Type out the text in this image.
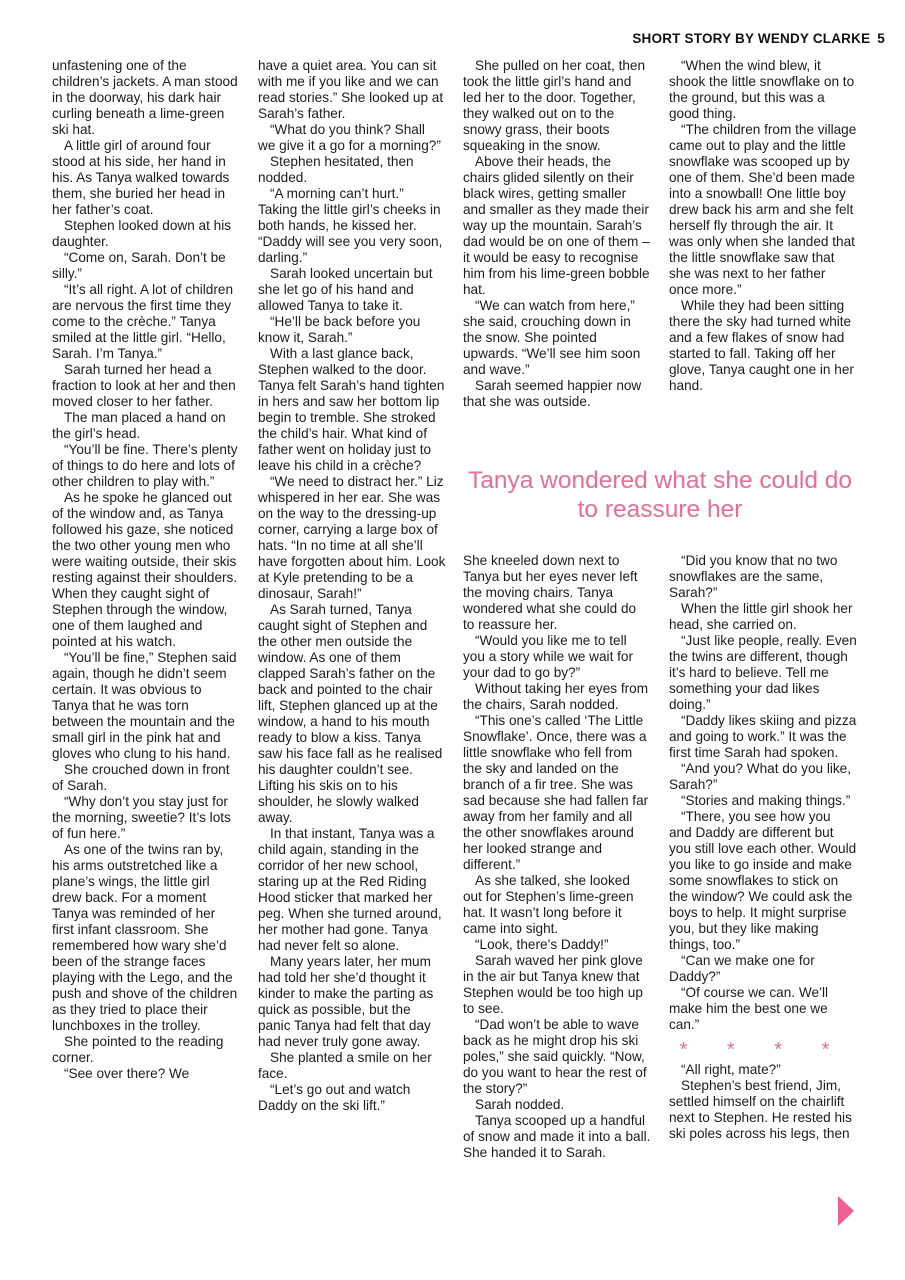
SHORT STORY BY WENDY CLARKE 5

unfastening one of the children’s jackets. A man stood in the doorway, his dark hair curling beneath a lime-green ski hat.

A little girl of around four stood at his side, her hand in his. As Tanya walked towards them, she buried her head in her father’s coat.

Stephen looked down at his daughter.

“Come on, Sarah. Don’t be silly.”

“It’s all right. A lot of children are nervous the first time they come to the crèche.” Tanya smiled at the little girl. “Hello, Sarah. I’m Tanya.”

Sarah turned her head a fraction to look at her and then moved closer to her father.

The man placed a hand on the girl’s head.

“You’ll be fine. There’s plenty of things to do here and lots of other children to play with.”

As he spoke he glanced out of the window and, as Tanya followed his gaze, she noticed the two other young men who were waiting outside, their skis resting against their shoulders. When they caught sight of Stephen through the window, one of them laughed and pointed at his watch.

“You’ll be fine,” Stephen said again, though he didn’t seem certain. It was obvious to Tanya that he was torn between the mountain and the small girl in the pink hat and gloves who clung to his hand.

She crouched down in front of Sarah.

“Why don’t you stay just for the morning, sweetie? It’s lots of fun here.”

As one of the twins ran by, his arms outstretched like a plane’s wings, the little girl drew back. For a moment Tanya was reminded of her first infant classroom. She remembered how wary she’d been of the strange faces playing with the Lego, and the push and shove of the children as they tried to place their lunchboxes in the trolley.

She pointed to the reading corner.

“See over there? We

have a quiet area. You can sit with me if you like and we can read stories.” She looked up at Sarah’s father.

“What do you think? Shall we give it a go for a morning?”

Stephen hesitated, then nodded.

“A morning can’t hurt.” Taking the little girl’s cheeks in both hands, he kissed her. “Daddy will see you very soon, darling.”

Sarah looked uncertain but she let go of his hand and allowed Tanya to take it.

“He’ll be back before you know it, Sarah.”

With a last glance back, Stephen walked to the door. Tanya felt Sarah’s hand tighten in hers and saw her bottom lip begin to tremble. She stroked the child’s hair. What kind of father went on holiday just to leave his child in a crèche?

“We need to distract her.” Liz whispered in her ear. She was on the way to the dressing-up corner, carrying a large box of hats. “In no time at all she’ll have forgotten about him. Look at Kyle pretending to be a dinosaur, Sarah!”

As Sarah turned, Tanya caught sight of Stephen and the other men outside the window. As one of them clapped Sarah’s father on the back and pointed to the chair lift, Stephen glanced up at the window, a hand to his mouth ready to blow a kiss. Tanya saw his face fall as he realised his daughter couldn’t see. Lifting his skis on to his shoulder, he slowly walked away.

In that instant, Tanya was a child again, standing in the corridor of her new school, staring up at the Red Riding Hood sticker that marked her peg. When she turned around, her mother had gone. Tanya had never felt so alone.

Many years later, her mum had told her she’d thought it kinder to make the parting as quick as possible, but the panic Tanya had felt that day had never truly gone away.

She planted a smile on her face.

“Let’s go out and watch Daddy on the ski lift.”

She pulled on her coat, then took the little girl’s hand and led her to the door. Together, they walked out on to the snowy grass, their boots squeaking in the snow.

Above their heads, the chairs glided silently on their black wires, getting smaller and smaller as they made their way up the mountain. Sarah’s dad would be on one of them – it would be easy to recognise him from his lime-green bobble hat.

“We can watch from here,” she said, crouching down in the snow. She pointed upwards. “We’ll see him soon and wave.”

Sarah seemed happier now that she was outside.

“When the wind blew, it shook the little snowflake on to the ground, but this was a good thing.

“The children from the village came out to play and the little snowflake was scooped up by one of them. She’d been made into a snowball! One little boy drew back his arm and she felt herself fly through the air. It was only when she landed that the little snowflake saw that she was next to her father once more.”

While they had been sitting there the sky had turned white and a few flakes of snow had started to fall. Taking off her glove, Tanya caught one in her hand.

Tanya wondered what she could do to reassure her

She kneeled down next to Tanya but her eyes never left the moving chairs. Tanya wondered what she could do to reassure her.

“Would you like me to tell you a story while we wait for your dad to go by?”

Without taking her eyes from the chairs, Sarah nodded.

“This one’s called ‘The Little Snowflake’. Once, there was a little snowflake who fell from the sky and landed on the branch of a fir tree. She was sad because she had fallen far away from her family and all the other snowflakes around her looked strange and different.”

As she talked, she looked out for Stephen’s lime-green hat. It wasn’t long before it came into sight.

“Look, there’s Daddy!”

Sarah waved her pink glove in the air but Tanya knew that Stephen would be too high up to see.

“Dad won’t be able to wave back as he might drop his ski poles,” she said quickly. “Now, do you want to hear the rest of the story?”

Sarah nodded.

Tanya scooped up a handful of snow and made it into a ball. She handed it to Sarah.

“Did you know that no two snowflakes are the same, Sarah?”

When the little girl shook her head, she carried on.

“Just like people, really. Even the twins are different, though it’s hard to believe. Tell me something your dad likes doing.”

“Daddy likes skiing and pizza and going to work.” It was the first time Sarah had spoken.

“And you? What do you like, Sarah?”

“Stories and making things.”

“There, you see how you and Daddy are different but you still love each other. Would you like to go inside and make some snowflakes to stick on the window? We could ask the boys to help. It might surprise you, but they like making things, too.”

“Can we make one for Daddy?”

“Of course we can. We’ll make him the best one we can.”

* * * *

“All right, mate?”

Stephen’s best friend, Jim, settled himself on the chairlift next to Stephen. He rested his ski poles across his legs, then
